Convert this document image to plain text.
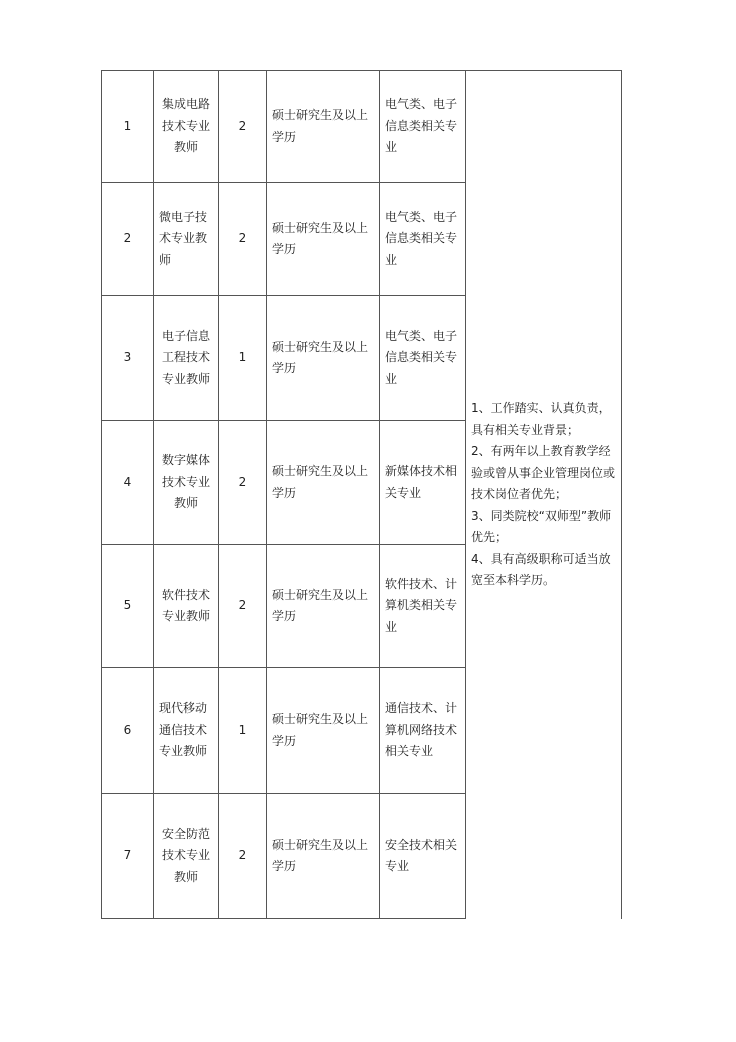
1	集成电路技术专业教师	2	硕士研究生及以上学历	电气类、电子信息类相关专业	1、工作踏实、认真负责，具有相关专业背景；
2、有两年以上教育教学经验或曾从事企业管理岗位或技术岗位者优先；
3、同类院校“双师型”教师优先；
4、具有高级职称可适当放宽至本科学历。

2	微电子技术专业教师	2	硕士研究生及以上学历	电气类、电子信息类相关专业	
3	电子信息工程技术专业教师	1	硕士研究生及以上学历	电气类、电子信息类相关专业	
4	数字媒体技术专业教师	2	硕士研究生及以上学历	新媒体技术相关专业	
5	软件技术专业教师	2	硕士研究生及以上学历	软件技术、计算机类相关专业	
6	现代移动通信技术专业教师	1	硕士研究生及以上学历	通信技术、计算机网络技术相关专业	
7	安全防范技术专业教师	2	硕士研究生及以上学历	安全技术相关专业	
